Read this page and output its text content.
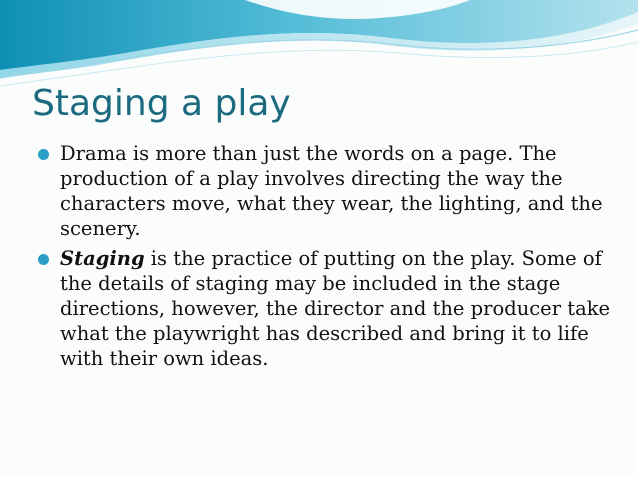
Staging a play
Drama is more than just the words on a page. The production of a play involves directing the way the characters move, what they wear, the lighting, and the scenery.
Staging is the practice of putting on the play. Some of the details of staging may be included in the stage directions, however, the director and the producer take what the playwright has described and bring it to life with their own ideas.
